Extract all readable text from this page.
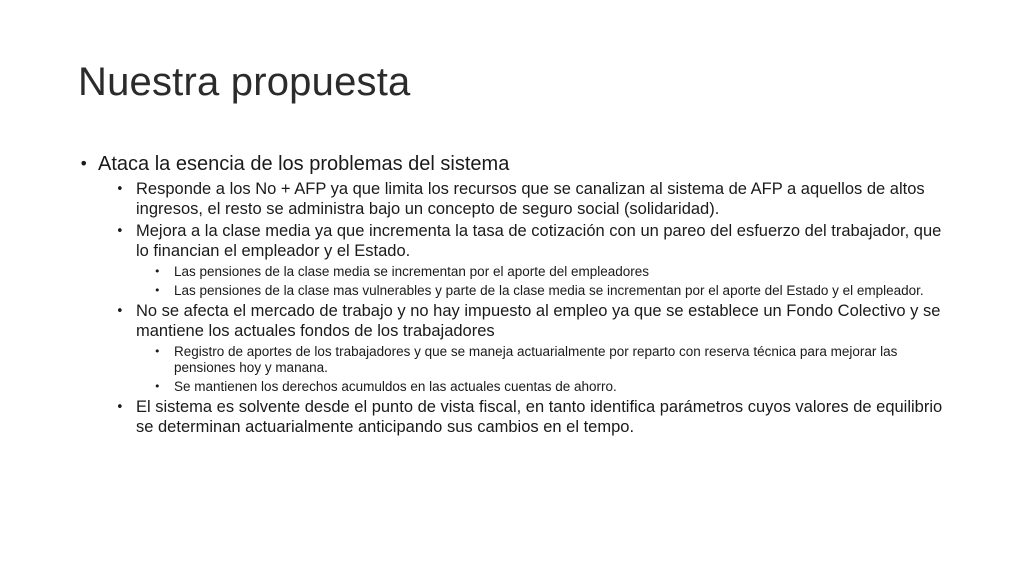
Nuestra propuesta
• Ataca la esencia de los problemas del sistema
• Responde a los No + AFP ya que limita los recursos que se canalizan al sistema de AFP a aquellos de altos ingresos, el resto se administra bajo un concepto de seguro social (solidaridad).
• Mejora a la clase media ya que incrementa la tasa de cotización con un pareo del esfuerzo del trabajador, que lo financian el empleador y el Estado.
• Las pensiones de la clase media se incrementan por el aporte del empleadores
• Las pensiones de la clase mas vulnerables y parte de la clase media se incrementan por el aporte del Estado y el empleador.
• No se afecta el mercado de trabajo y no hay impuesto al empleo ya que se establece un Fondo Colectivo y se mantiene los actuales fondos de los trabajadores
• Registro de aportes de los trabajadores y que se maneja actuarialmente por reparto con reserva técnica para mejorar las pensiones hoy y manana.
• Se mantienen los derechos acumuldos en las actuales cuentas de ahorro.
• El sistema es solvente desde el punto de vista fiscal, en tanto identifica parámetros cuyos valores de equilibrio se determinan actuarialmente anticipando sus cambios en el tempo.
